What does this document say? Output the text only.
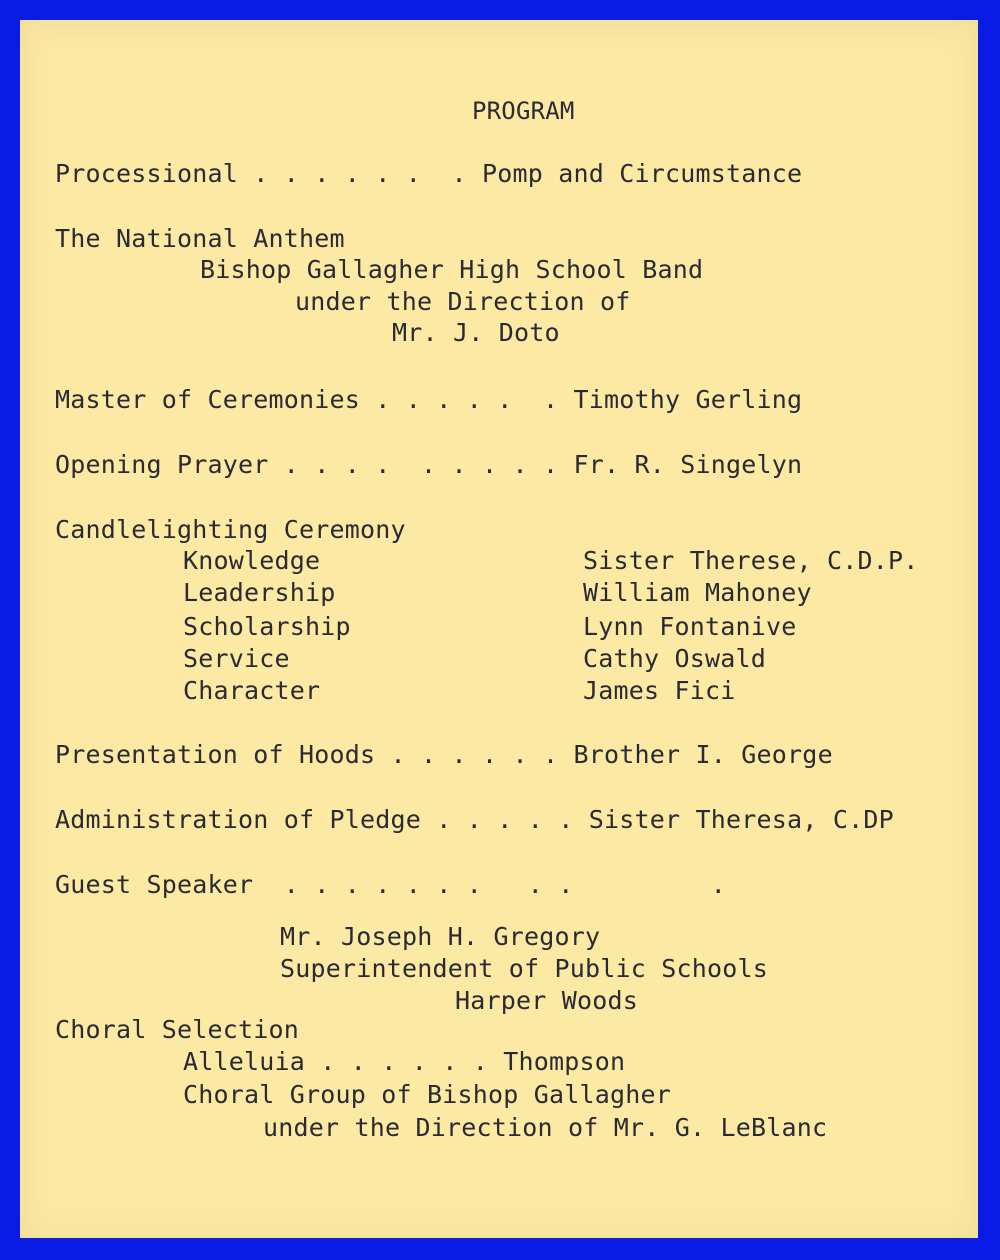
PROGRAM

Processional . . . . . .  . Pomp and Circumstance

The National Anthem

Bishop Gallagher High School Band

under the Direction of

Mr. J. Doto

Master of Ceremonies . . . . .  . Timothy Gerling

Opening Prayer . . . .  . . . . . Fr. R. Singelyn

Candlelighting Ceremony

Knowledge	Sister Therese, C.D.P.

Leadership	William Mahoney

Scholarship	Lynn Fontanive

Service	Cathy Oswald

Character	James Fici

Presentation of Hoods . . . . . . Brother I. George

Administration of Pledge . . . . . Sister Theresa, C.DP

Guest Speaker  . . . . . . .   . .         .

Mr. Joseph H. Gregory

Superintendent of Public Schools

Harper Woods

Choral Selection

Alleluia . . . . . . Thompson

Choral Group of Bishop Gallagher

under the Direction of Mr. G. LeBlanc
